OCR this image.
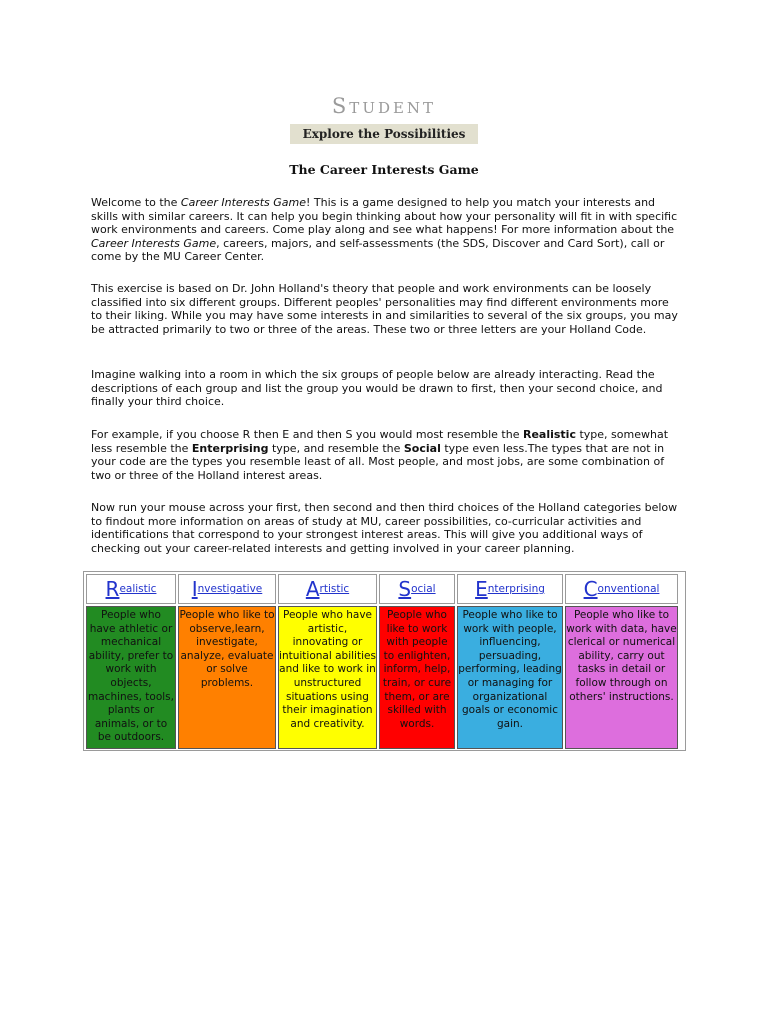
Student
Explore the Possibilities
The Career Interests Game

Welcome to the Career Interests Game! This is a game designed to help you match your interests and skills with similar careers. It can help you begin thinking about how your personality will fit in with specific work environments and careers. Come play along and see what happens! For more information about the Career Interests Game, careers, majors, and self-assessments (the SDS, Discover and Card Sort), call or come by the MU Career Center.

This exercise is based on Dr. John Holland's theory that people and work environments can be loosely classified into six different groups. Different peoples' personalities may find different environments more to their liking. While you may have some interests in and similarities to several of the six groups, you may be attracted primarily to two or three of the areas. These two or three letters are your Holland Code.

Imagine walking into a room in which the six groups of people below are already interacting. Read the descriptions of each group and list the group you would be drawn to first, then your second choice, and finally your third choice.

For example, if you choose R then E and then S you would most resemble the Realistic type, somewhat less resemble the Enterprising type, and resemble the Social type even less.The types that are not in your code are the types you resemble least of all. Most people, and most jobs, are some combination of two or three of the Holland interest areas.

Now run your mouse across your first, then second and then third choices of the Holland categories below to findout more information on areas of study at MU, career possibilities, co-curricular activities and identifications that correspond to your strongest interest areas. This will give you additional ways of checking out your career-related interests and getting involved in your career planning.

R ealistic
People who have athletic or mechanical ability, prefer to work with objects, machines, tools, plants or animals, or to be outdoors.
I nvestigative
People who like to observe,learn, investigate, analyze, evaluate or solve problems.
A rtistic
People who have artistic, innovating or intuitional abilities and like to work in unstructured situations using their imagination and creativity.
S ocial
People who like to work with people to enlighten, inform, help, train, or cure them, or are skilled with words.
E nterprising
People who like to work with people, influencing, persuading, performing, leading or managing for organizational goals or economic gain.
C onventional
People who like to work with data, have clerical or numerical ability, carry out tasks in detail or follow through on others' instructions.
